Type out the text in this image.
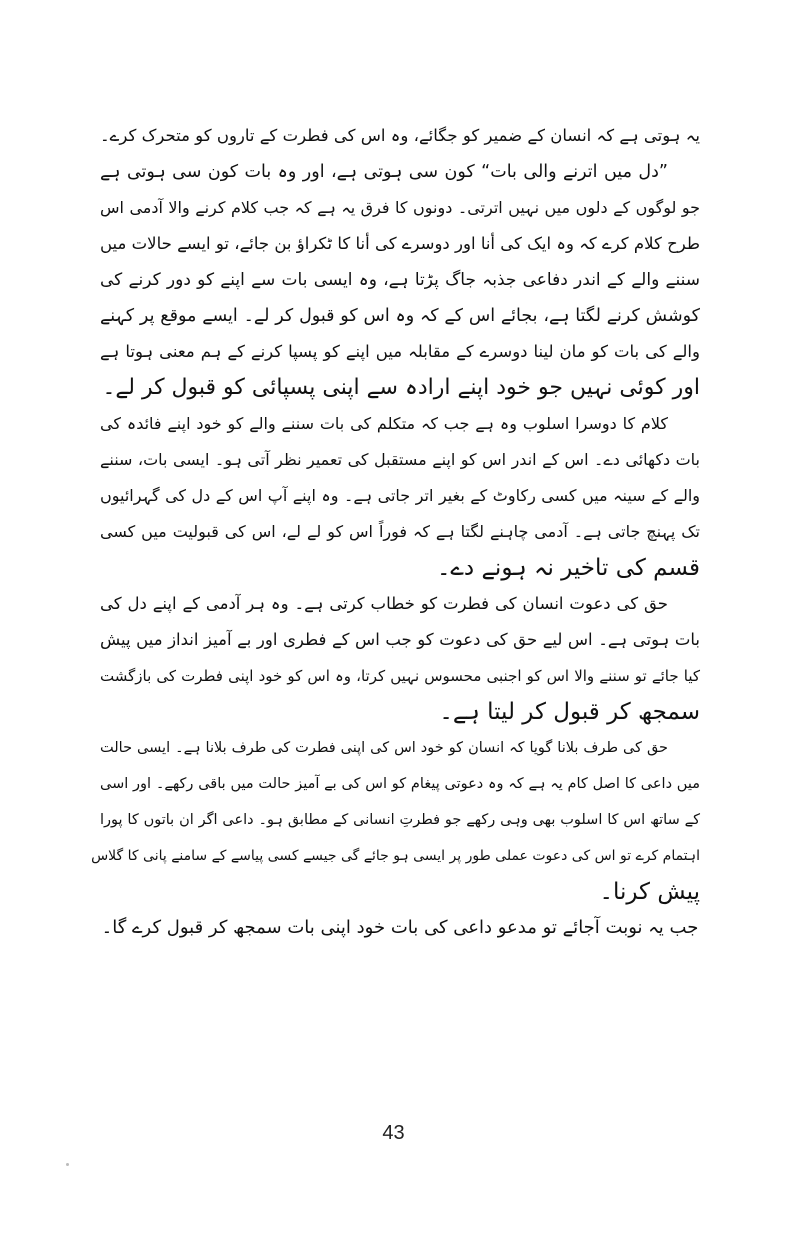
یہ ہوتی ہے کہ انسان کے ضمیر کو جگائے، وہ اس کی فطرت کے تاروں کو متحرک کرے۔
”دل میں اترنے والی بات“ کون سی ہوتی ہے، اور وہ بات کون سی ہوتی ہے
جو لوگوں کے دلوں میں نہیں اترتی۔ دونوں کا فرق یہ ہے کہ جب کلام کرنے والا آدمی اس
طرح کلام کرے کہ وہ ایک کی أنا اور دوسرے کی أنا کا ٹکراؤ بن جائے، تو ایسے حالات میں
سننے والے کے اندر دفاعی جذبہ جاگ پڑتا ہے، وہ ایسی بات سے اپنے کو دور کرنے کی
کوشش کرنے لگتا ہے، بجائے اس کے کہ وہ اس کو قبول کر لے۔ ایسے موقع پر کہنے
والے کی بات کو مان لینا دوسرے کے مقابلہ میں اپنے کو پسپا کرنے کے ہم معنی ہوتا ہے
اور کوئی نہیں جو خود اپنے ارادہ سے اپنی پسپائی کو قبول کر لے۔
کلام کا دوسرا اسلوب وہ ہے جب کہ متکلم کی بات سننے والے کو خود اپنے فائدہ کی
بات دکھائی دے۔ اس کے اندر اس کو اپنے مستقبل کی تعمیر نظر آتی ہو۔ ایسی بات، سننے
والے کے سینہ میں کسی رکاوٹ کے بغیر اتر جاتی ہے۔ وہ اپنے آپ اس کے دل کی گہرائیوں
تک پہنچ جاتی ہے۔ آدمی چاہنے لگتا ہے کہ فوراً اس کو لے لے، اس کی قبولیت میں کسی
قسم کی تاخیر نہ ہونے دے۔
حق کی دعوت انسان کی فطرت کو خطاب کرتی ہے۔ وہ ہر آدمی کے اپنے دل کی
بات ہوتی ہے۔ اس لیے حق کی دعوت کو جب اس کے فطری اور بے آمیز انداز میں پیش
کیا جائے تو سننے والا اس کو اجنبی محسوس نہیں کرتا، وہ اس کو خود اپنی فطرت کی بازگشت
سمجھ کر قبول کر لیتا ہے۔
حق کی طرف بلانا گویا کہ انسان کو خود اس کی اپنی فطرت کی طرف بلانا ہے۔ ایسی حالت
میں داعی کا اصل کام یہ ہے کہ وہ دعوتی پیغام کو اس کی بے آمیز حالت میں باقی رکھے۔ اور اسی
کے ساتھ اس کا اسلوب بھی وہی رکھے جو فطرتِ انسانی کے مطابق ہو۔ داعی اگر ان باتوں کا پورا
اہتمام کرے تو اس کی دعوت عملی طور پر ایسی ہو جائے گی جیسے کسی پیاسے کے سامنے پانی کا گلاس
پیش کرنا۔
جب یہ نوبت آجائے تو مدعو داعی کی بات خود اپنی بات سمجھ کر قبول کرے گا۔
43
